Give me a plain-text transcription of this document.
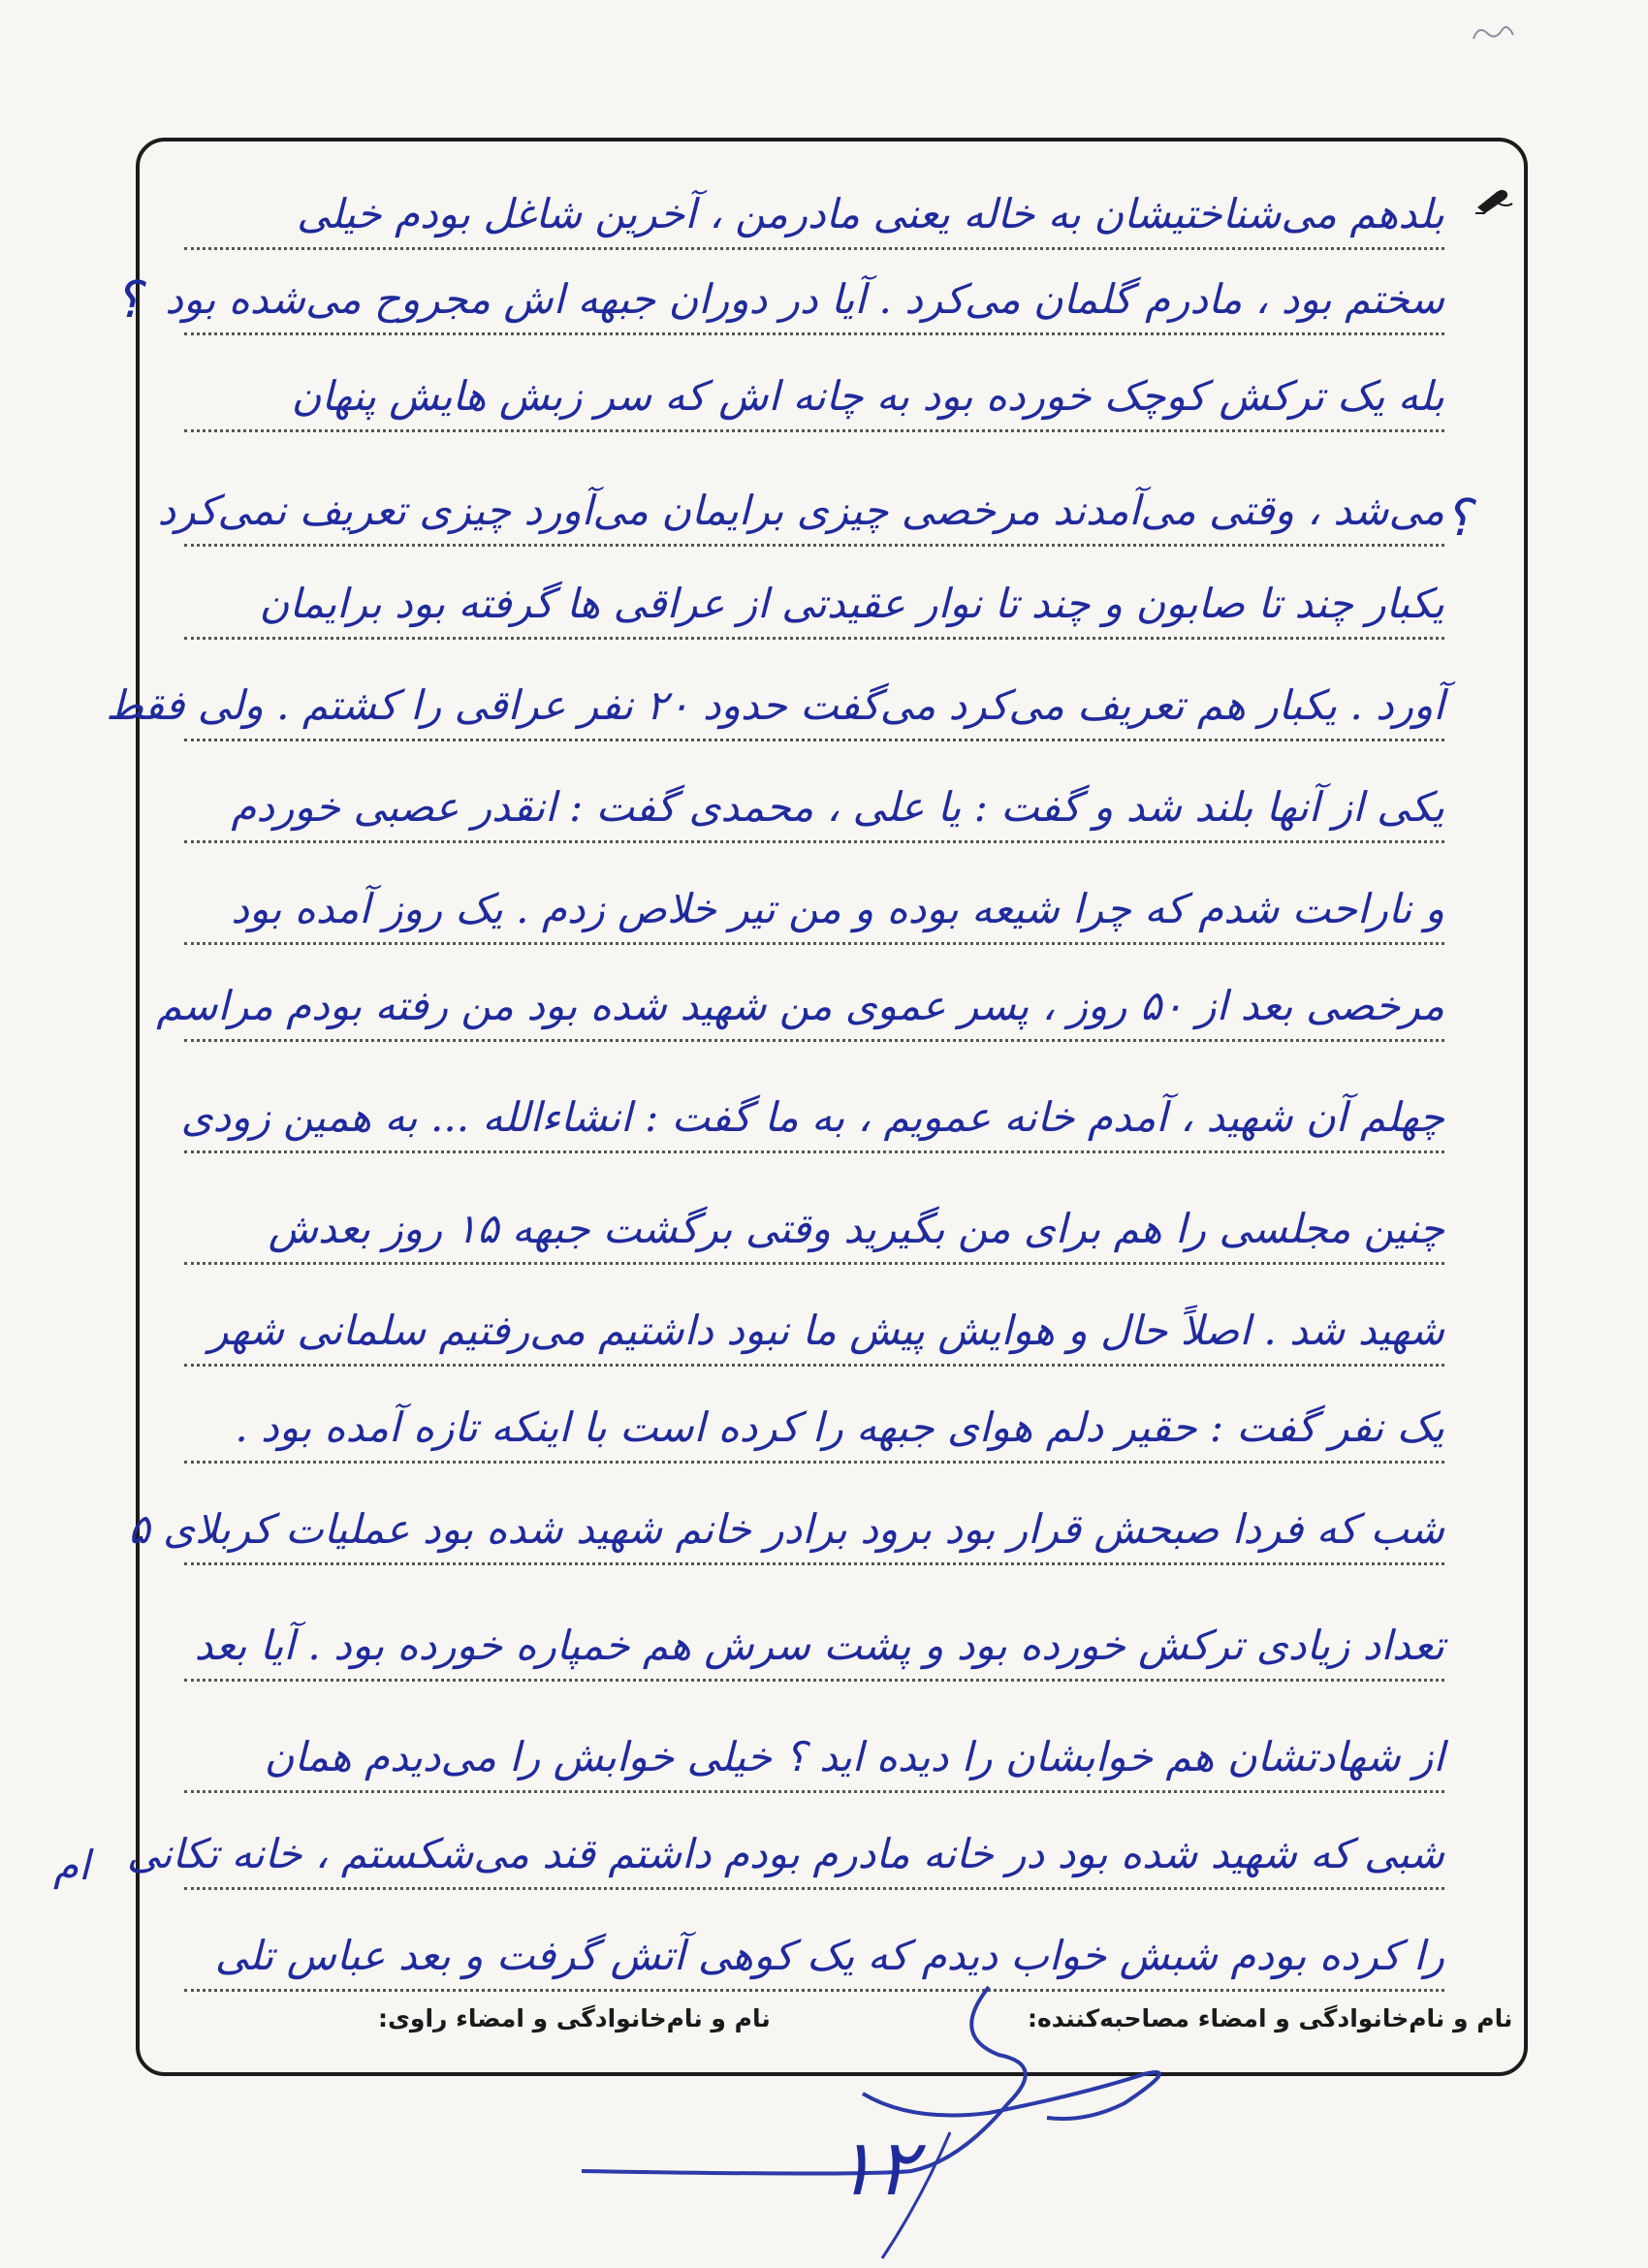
بلدهم می‌شناختیشان به خاله یعنی مادرمن ، آخرین شاغل بودم خیلی
سختم بود ، مادرم گلمان می‌کرد . آیا در دوران جبهه اش مجروح می‌شده بود
بله یک ترکش کوچک خورده بود به چانه اش که سر زبش هایش پنهان
می‌شد ، وقتی می‌آمدند مرخصی چیزی برایمان می‌آورد چیزی تعریف نمی‌کرد
یکبار چند تا صابون و چند تا نوار عقیدتی از عراقی ها گرفته بود برایمان
آورد . یکبار هم تعریف می‌کرد می‌گفت حدود ۲۰ نفر عراقی را کشتم . ولی فقط
یکی از آنها بلند شد و گفت : یا علی ، محمدی گفت : انقدر عصبی خوردم
و ناراحت شدم که چرا شیعه بوده و من تیر خلاص زدم . یک روز آمده بود
مرخصی بعد از ۵۰ روز ، پسر عموی من شهید شده بود من رفته بودم مراسم
چهلم آن شهید ، آمدم خانه عمویم ، به ما گفت : انشاءالله ... به همین زودی
چنین مجلسی را هم برای من بگیرید وقتی برگشت جبهه ۱۵ روز بعدش
شهید شد . اصلاً حال و هوایش پیش ما نبود داشتیم می‌رفتیم سلمانی شهر
یک نفر گفت : حقیر دلم هوای جبهه را کرده است با اینکه تازه آمده بود .
شب که فردا صبحش قرار بود برود برادر خانم شهید شده بود عملیات کربلای ۵
تعداد زیادی ترکش خورده بود و پشت سرش هم خمپاره خورده بود . آیا بعد
از شهادتشان هم خوابشان را دیده اید ؟ خیلی خوابش را می‌دیدم همان
شبی که شهید شده بود در خانه مادرم بودم داشتم قند می‌شکستم ، خانه تکانی
را کرده بودم شبش خواب دیدم که یک کوهی آتش گرفت و بعد عباس تلی
؟
؟
ام
نام و نام‌خانوادگی و امضاء مصاحبه‌کننده:
نام و نام‌خانوادگی و امضاء راوی:
۱۲
